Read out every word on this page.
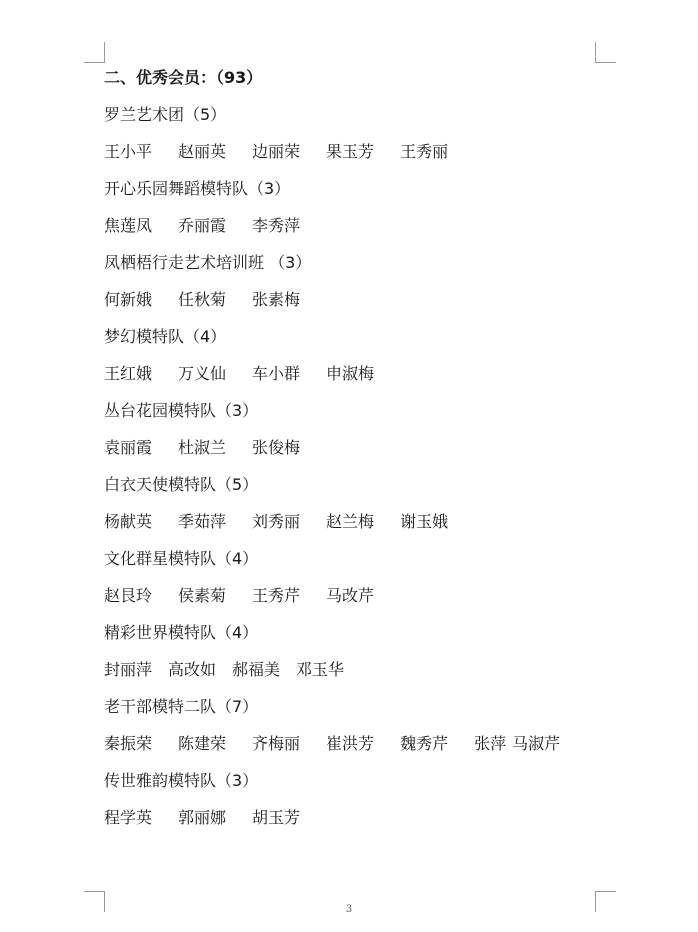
二、优秀会员：（93）
罗兰艺术团（5）
王小平 赵丽英 边丽荣 果玉芳 王秀丽
开心乐园舞蹈模特队（3）
焦莲凤 乔丽霞 李秀萍
凤栖梧行走艺术培训班 （3）
何新娥 任秋菊 张素梅
梦幻模特队（4）
王红娥 万义仙 车小群 申淑梅
丛台花园模特队（3）
袁丽霞 杜淑兰 张俊梅
白衣天使模特队（5）
杨献英 季茹萍 刘秀丽 赵兰梅 谢玉娥
文化群星模特队（4）
赵艮玲 侯素菊 王秀芹 马改芹
精彩世界模特队（4）
封丽萍 高改如 郝福美 邓玉华
老干部模特二队（7）
秦振荣 陈建荣 齐梅丽 崔洪芳 魏秀芹 张萍 马淑芹
传世雅韵模特队（3）
程学英 郭丽娜 胡玉芳
3
